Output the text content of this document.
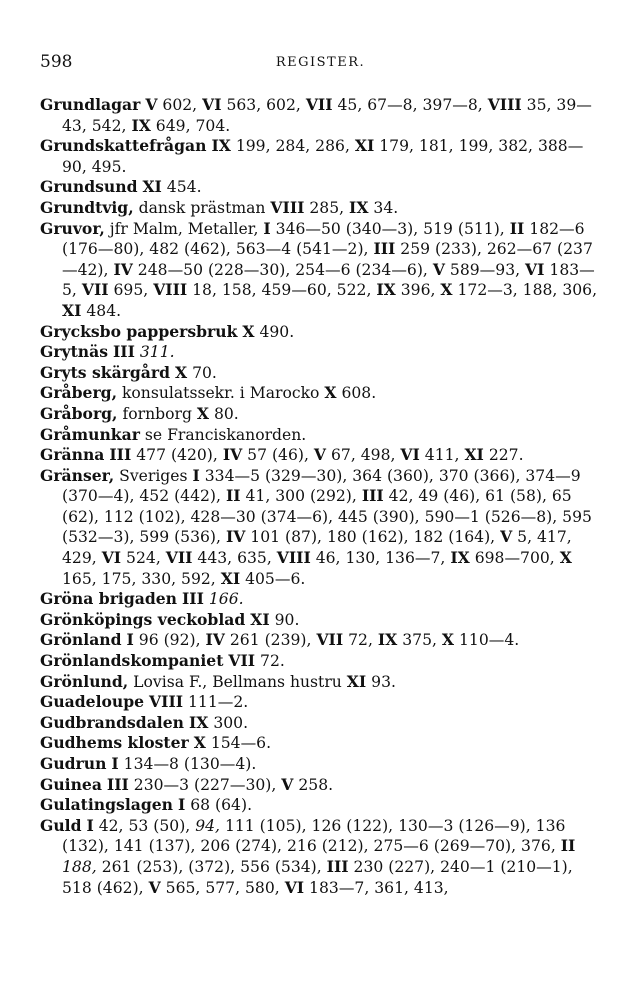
598	REGISTER.

Grundlagar V 602, VI 563, 602, VII 45, 67—8, 397—8, VIII 35, 39—43, 542, IX 649, 704.

Grundskattefrågan IX 199, 284, 286, XI 179, 181, 199, 382, 388—90, 495.

Grundsund XI 454.

Grundtvig, dansk prästman VIII 285, IX 34.

Gruvor, jfr Malm, Metaller, I 346—50 (340—3), 519 (511), II 182—6 (176—80), 482 (462), 563—4 (541—2), III 259 (233), 262—67 (237—42), IV 248—50 (228—30), 254—6 (234—6), V 589—93, VI 183—5, VII 695, VIII 18, 158, 459—60, 522, IX 396, X 172—3, 188, 306, XI 484.

Grycksbo pappersbruk X 490.

Grytnäs III 311.

Gryts skärgård X 70.

Gråberg, konsulatssekr. i Marocko X 608.

Gråborg, fornborg X 80.

Gråmunkar se Franciskanorden.

Gränna III 477 (420), IV 57 (46), V 67, 498, VI 411, XI 227.

Gränser, Sveriges I 334—5 (329—30), 364 (360), 370 (366), 374—9 (370—4), 452 (442), II 41, 300 (292), III 42, 49 (46), 61 (58), 65 (62), 112 (102), 428—30 (374—6), 445 (390), 590—1 (526—8), 595 (532—3), 599 (536), IV 101 (87), 180 (162), 182 (164), V 5, 417, 429, VI 524, VII 443, 635, VIII 46, 130, 136—7, IX 698—700, X 165, 175, 330, 592, XI 405—6.

Gröna brigaden III 166.

Grönköpings veckoblad XI 90.

Grönland I 96 (92), IV 261 (239), VII 72, IX 375, X 110—4.

Grönlandskompaniet VII 72.

Grönlund, Lovisa F., Bellmans hustru XI 93.

Guadeloupe VIII 111—2.

Gudbrandsdalen IX 300.

Gudhems kloster X 154—6.

Gudrun I 134—8 (130—4).

Guinea III 230—3 (227—30), V 258.

Gulatingslagen I 68 (64).

Guld I 42, 53 (50), 94, 111 (105), 126 (122), 130—3 (126—9), 136 (132), 141 (137), 206 (274), 216 (212), 275—6 (269—70), 376, II 188, 261 (253), (372), 556 (534), III 230 (227), 240—1 (210—1), 518 (462), V 565, 577, 580, VI 183—7, 361, 413,
